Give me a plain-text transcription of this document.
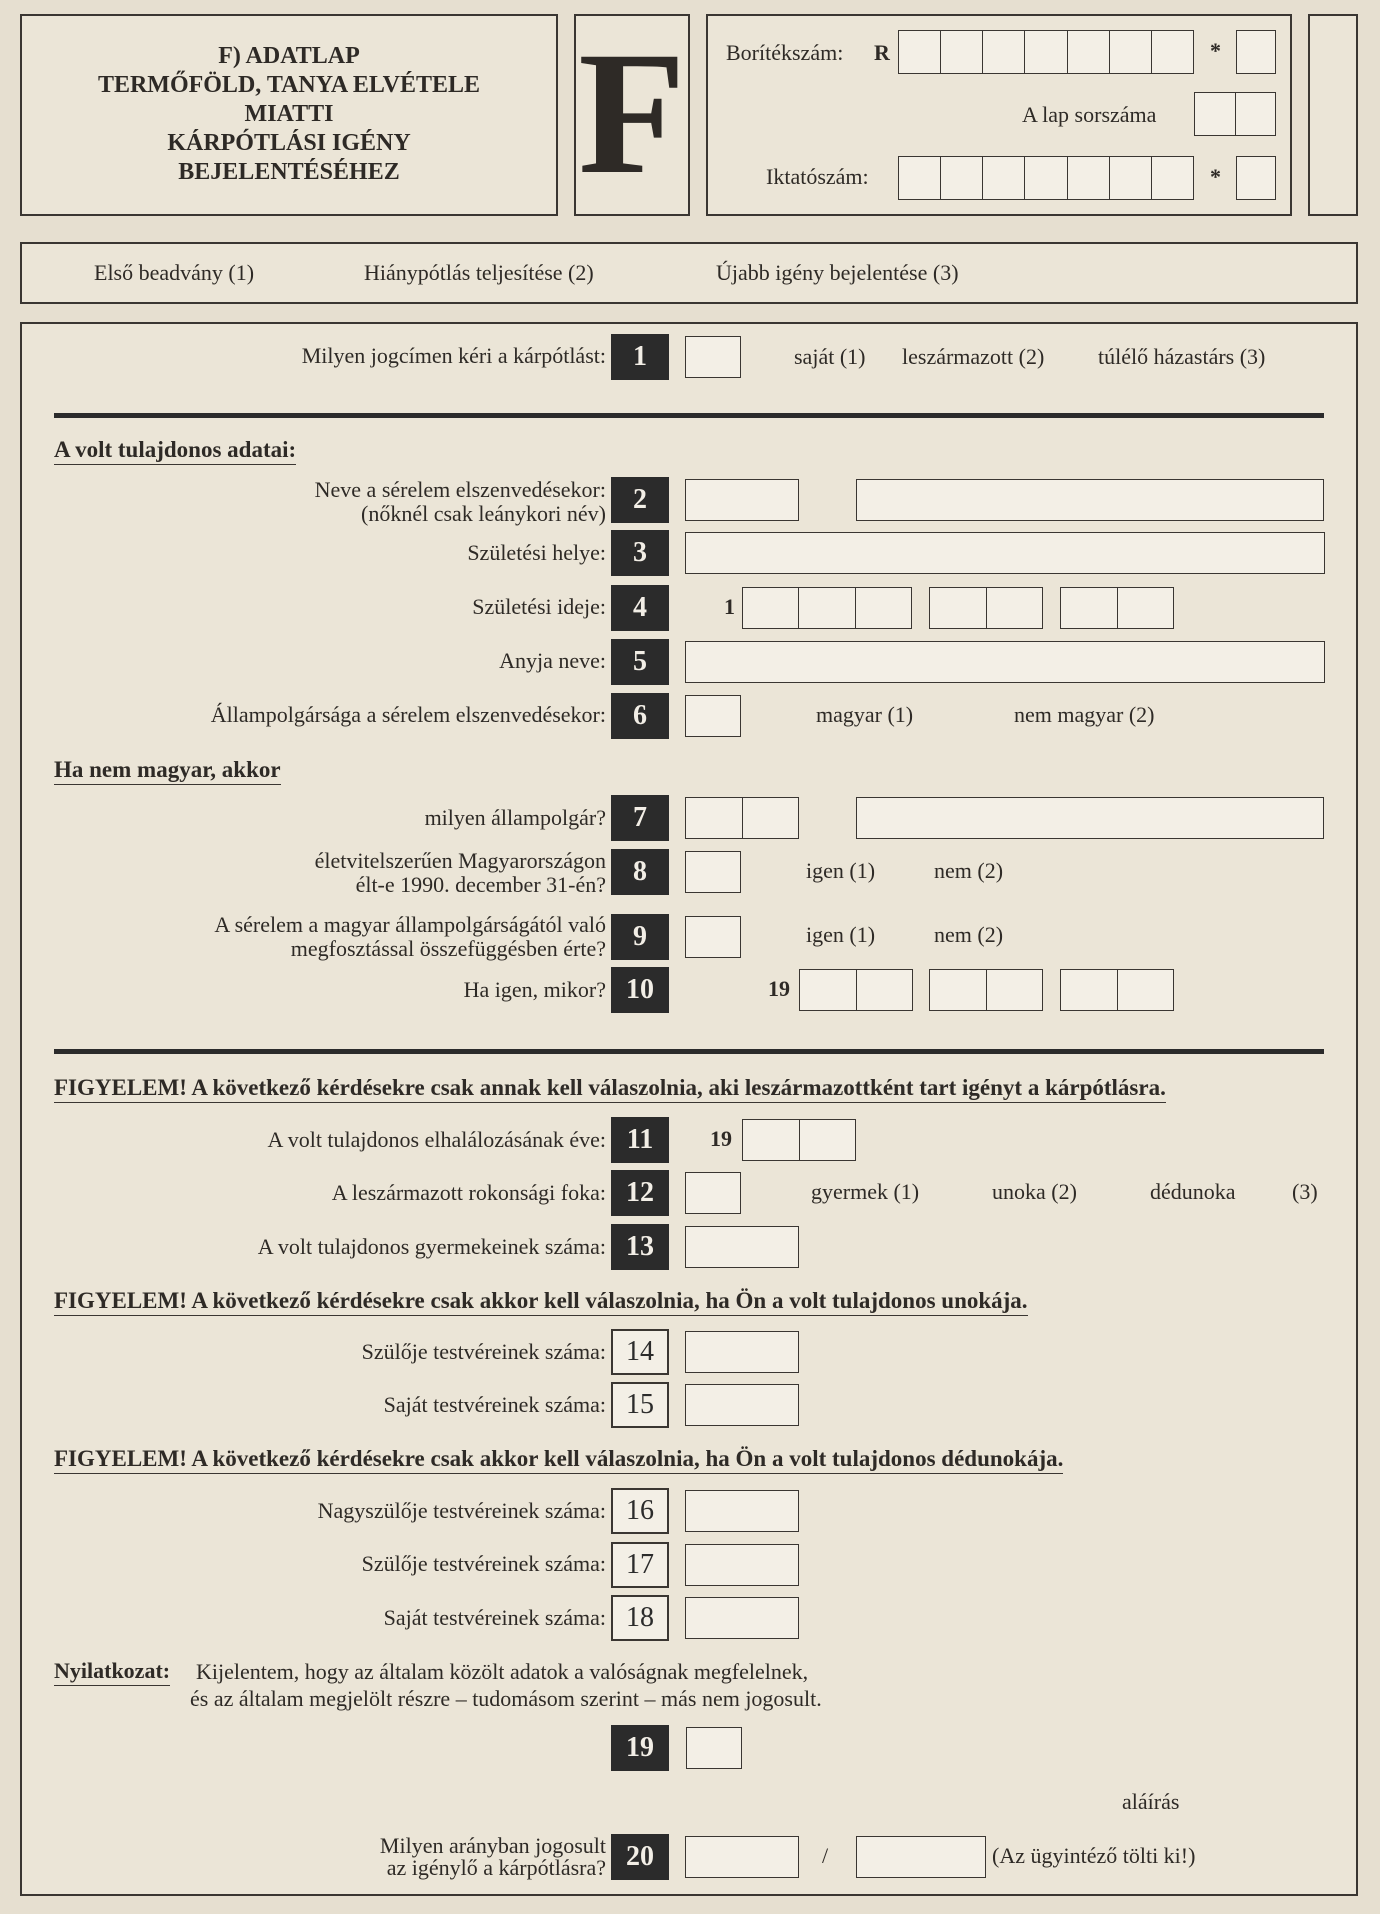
F) ADATLAP
TERMŐFÖLD, TANYA ELVÉTELE
MIATTI
KÁRPÓTLÁSI IGÉNY
BEJELENTÉSÉHEZ	F Borítékszám: R	*
A lap sorszáma
Iktatószám:	*
Első beadvány (1)	Hiánypótlás teljesítése (2)	Újabb igény bejelentése (3)
Milyen jogcímen kéri a kárpótlást: 1	saját (1) leszármazott (2) túlélő házastárs (3)
A volt tulajdonos adatai:
Neve a sérelem elszenvedésekor:
(nőknél csak leánykori név) 2
Születési helye: 3
Születési ideje: 4	1
Anyja neve: 5
Állampolgársága a sérelem elszenvedésekor: 6	magyar (1)	nem magyar (2)
Ha nem magyar, akkor
milyen állampolgár? 7
életvitelszerűen Magyarországon
élt-e 1990. december 31-én? 8	igen (1)	nem (2)
A sérelem a magyar állampolgárságától való
megfosztással összefüggésben érte? 9	igen (1)	nem (2)
Ha igen, mikor? 10	19
FIGYELEM! A következő kérdésekre csak annak kell válaszolnia, aki leszármazottként tart igényt a kárpótlásra.
A volt tulajdonos elhalálozásának éve: 11	19
A leszármazott rokonsági foka: 12	gyermek (1)	unoka (2)	dédunoka	(3)
A volt tulajdonos gyermekeinek száma: 13
FIGYELEM! A következő kérdésekre csak akkor kell válaszolnia, ha Ön a volt tulajdonos unokája.
Szülője testvéreinek száma: 14
Saját testvéreinek száma: 15
FIGYELEM! A következő kérdésekre csak akkor kell válaszolnia, ha Ön a volt tulajdonos dédunokája.
Nagyszülője testvéreinek száma: 16
Szülője testvéreinek száma: 17
Saját testvéreinek száma: 18
Nyilatkozat: Kijelentem, hogy az általam közölt adatok a valóságnak megfelelnek,
és az általam megjelölt részre – tudomásom szerint – más nem jogosult.
19
aláírás
Milyen arányban jogosult
az igénylő a kárpótlásra? 20	/	(Az ügyintéző tölti ki!)
